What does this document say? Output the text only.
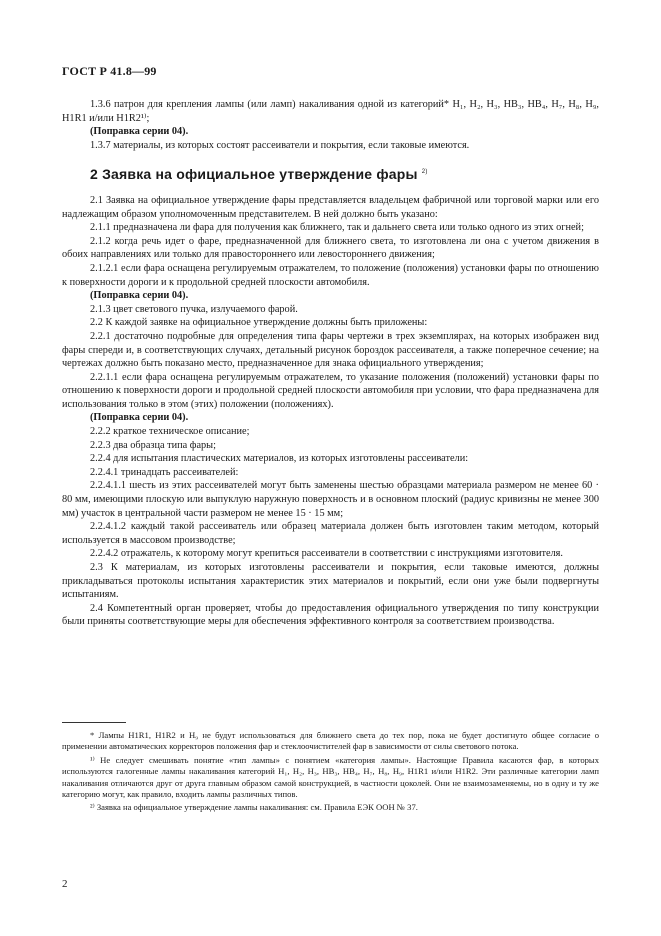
ГОСТ Р 41.8—99

1.3.6 патрон для крепления лампы (или ламп) накаливания одной из категорий* H₁, H₂, H₃, HB₃, HB₄, H₇, H₈, H₉, H1R1 и/или H1R2¹⁾;

(Поправка серии 04).

1.3.7 материалы, из которых состоят рассеиватели и покрытия, если таковые имеются.

2 Заявка на официальное утверждение фары $^{2)}$

2.1 Заявка на официальное утверждение фары представляется владельцем фабричной или торговой марки или его надлежащим образом уполномоченным представителем. В ней должно быть указано:

2.1.1 предназначена ли фара для получения как ближнего, так и дальнего света или только одного из этих огней;

2.1.2 когда речь идет о фаре, предназначенной для ближнего света, то изготовлена ли она с учетом движения в обоих направлениях или только для правостороннего или левостороннего движения;

2.1.2.1 если фара оснащена регулируемым отражателем, то положение (положения) установки фары по отношению к поверхности дороги и к продольной средней плоскости автомобиля.

(Поправка серии 04).

2.1.3 цвет светового пучка, излучаемого фарой.

2.2 К каждой заявке на официальное утверждение должны быть приложены:

2.2.1 достаточно подробные для определения типа фары чертежи в трех экземплярах, на которых изображен вид фары спереди и, в соответствующих случаях, детальный рисунок бороздок рассеивателя, а также поперечное сечение; на чертежах должно быть показано место, предназначенное для знака официального утверждения;

2.2.1.1 если фара оснащена регулируемым отражателем, то указание положения (положений) установки фары по отношению к поверхности дороги и продольной средней плоскости автомобиля при условии, что фара предназначена для использования только в этом (этих) положении (положениях).

(Поправка серии 04).

2.2.2 краткое техническое описание;

2.2.3 два образца типа фары;

2.2.4 для испытания пластических материалов, из которых изготовлены рассеиватели:

2.2.4.1 тринадцать рассеивателей:

2.2.4.1.1 шесть из этих рассеивателей могут быть заменены шестью образцами материала размером не менее 60 · 80 мм, имеющими плоскую или выпуклую наружную поверхность и в основном плоский (радиус кривизны не менее 300 мм) участок в центральной части размером не менее 15 · 15 мм;

2.2.4.1.2 каждый такой рассеиватель или образец материала должен быть изготовлен таким методом, который используется в массовом производстве;

2.2.4.2 отражатель, к которому могут крепиться рассеиватели в соответствии с инструкциями изготовителя.

2.3 К материалам, из которых изготовлены рассеиватели и покрытия, если таковые имеются, должны прикладываться протоколы испытания характеристик этих материалов и покрытий, если они уже были подвергнуты испытаниям.

2.4 Компетентный орган проверяет, чтобы до предоставления официального утверждения по типу конструкции были приняты соответствующие меры для обеспечения эффективного контроля за соответствием производства.

* Лампы H1R1, H1R2 и H₉ не будут использоваться для ближнего света до тех пор, пока не будет достигнуто общее согласие о применении автоматических корректоров положения фар и стеклоочистителей фар в зависимости от силы светового потока.

¹⁾ Не следует смешивать понятие «тип лампы» с понятием «категория лампы». Настоящие Правила касаются фар, в которых используются галогенные лампы накаливания категорий H₁, H₂, H₃, HB₃, HB₄, H₇, H₈, H₉, H1R1 и/или H1R2. Эти различные категории ламп накаливания отличаются друг от друга главным образом самой конструкцией, в частности цоколей. Они не взаимозаменяемы, но в одну и ту же категорию могут, как правило, входить лампы различных типов.

²⁾ Заявка на официальное утверждение лампы накаливания: см. Правила ЕЭК ООН № 37.

2
